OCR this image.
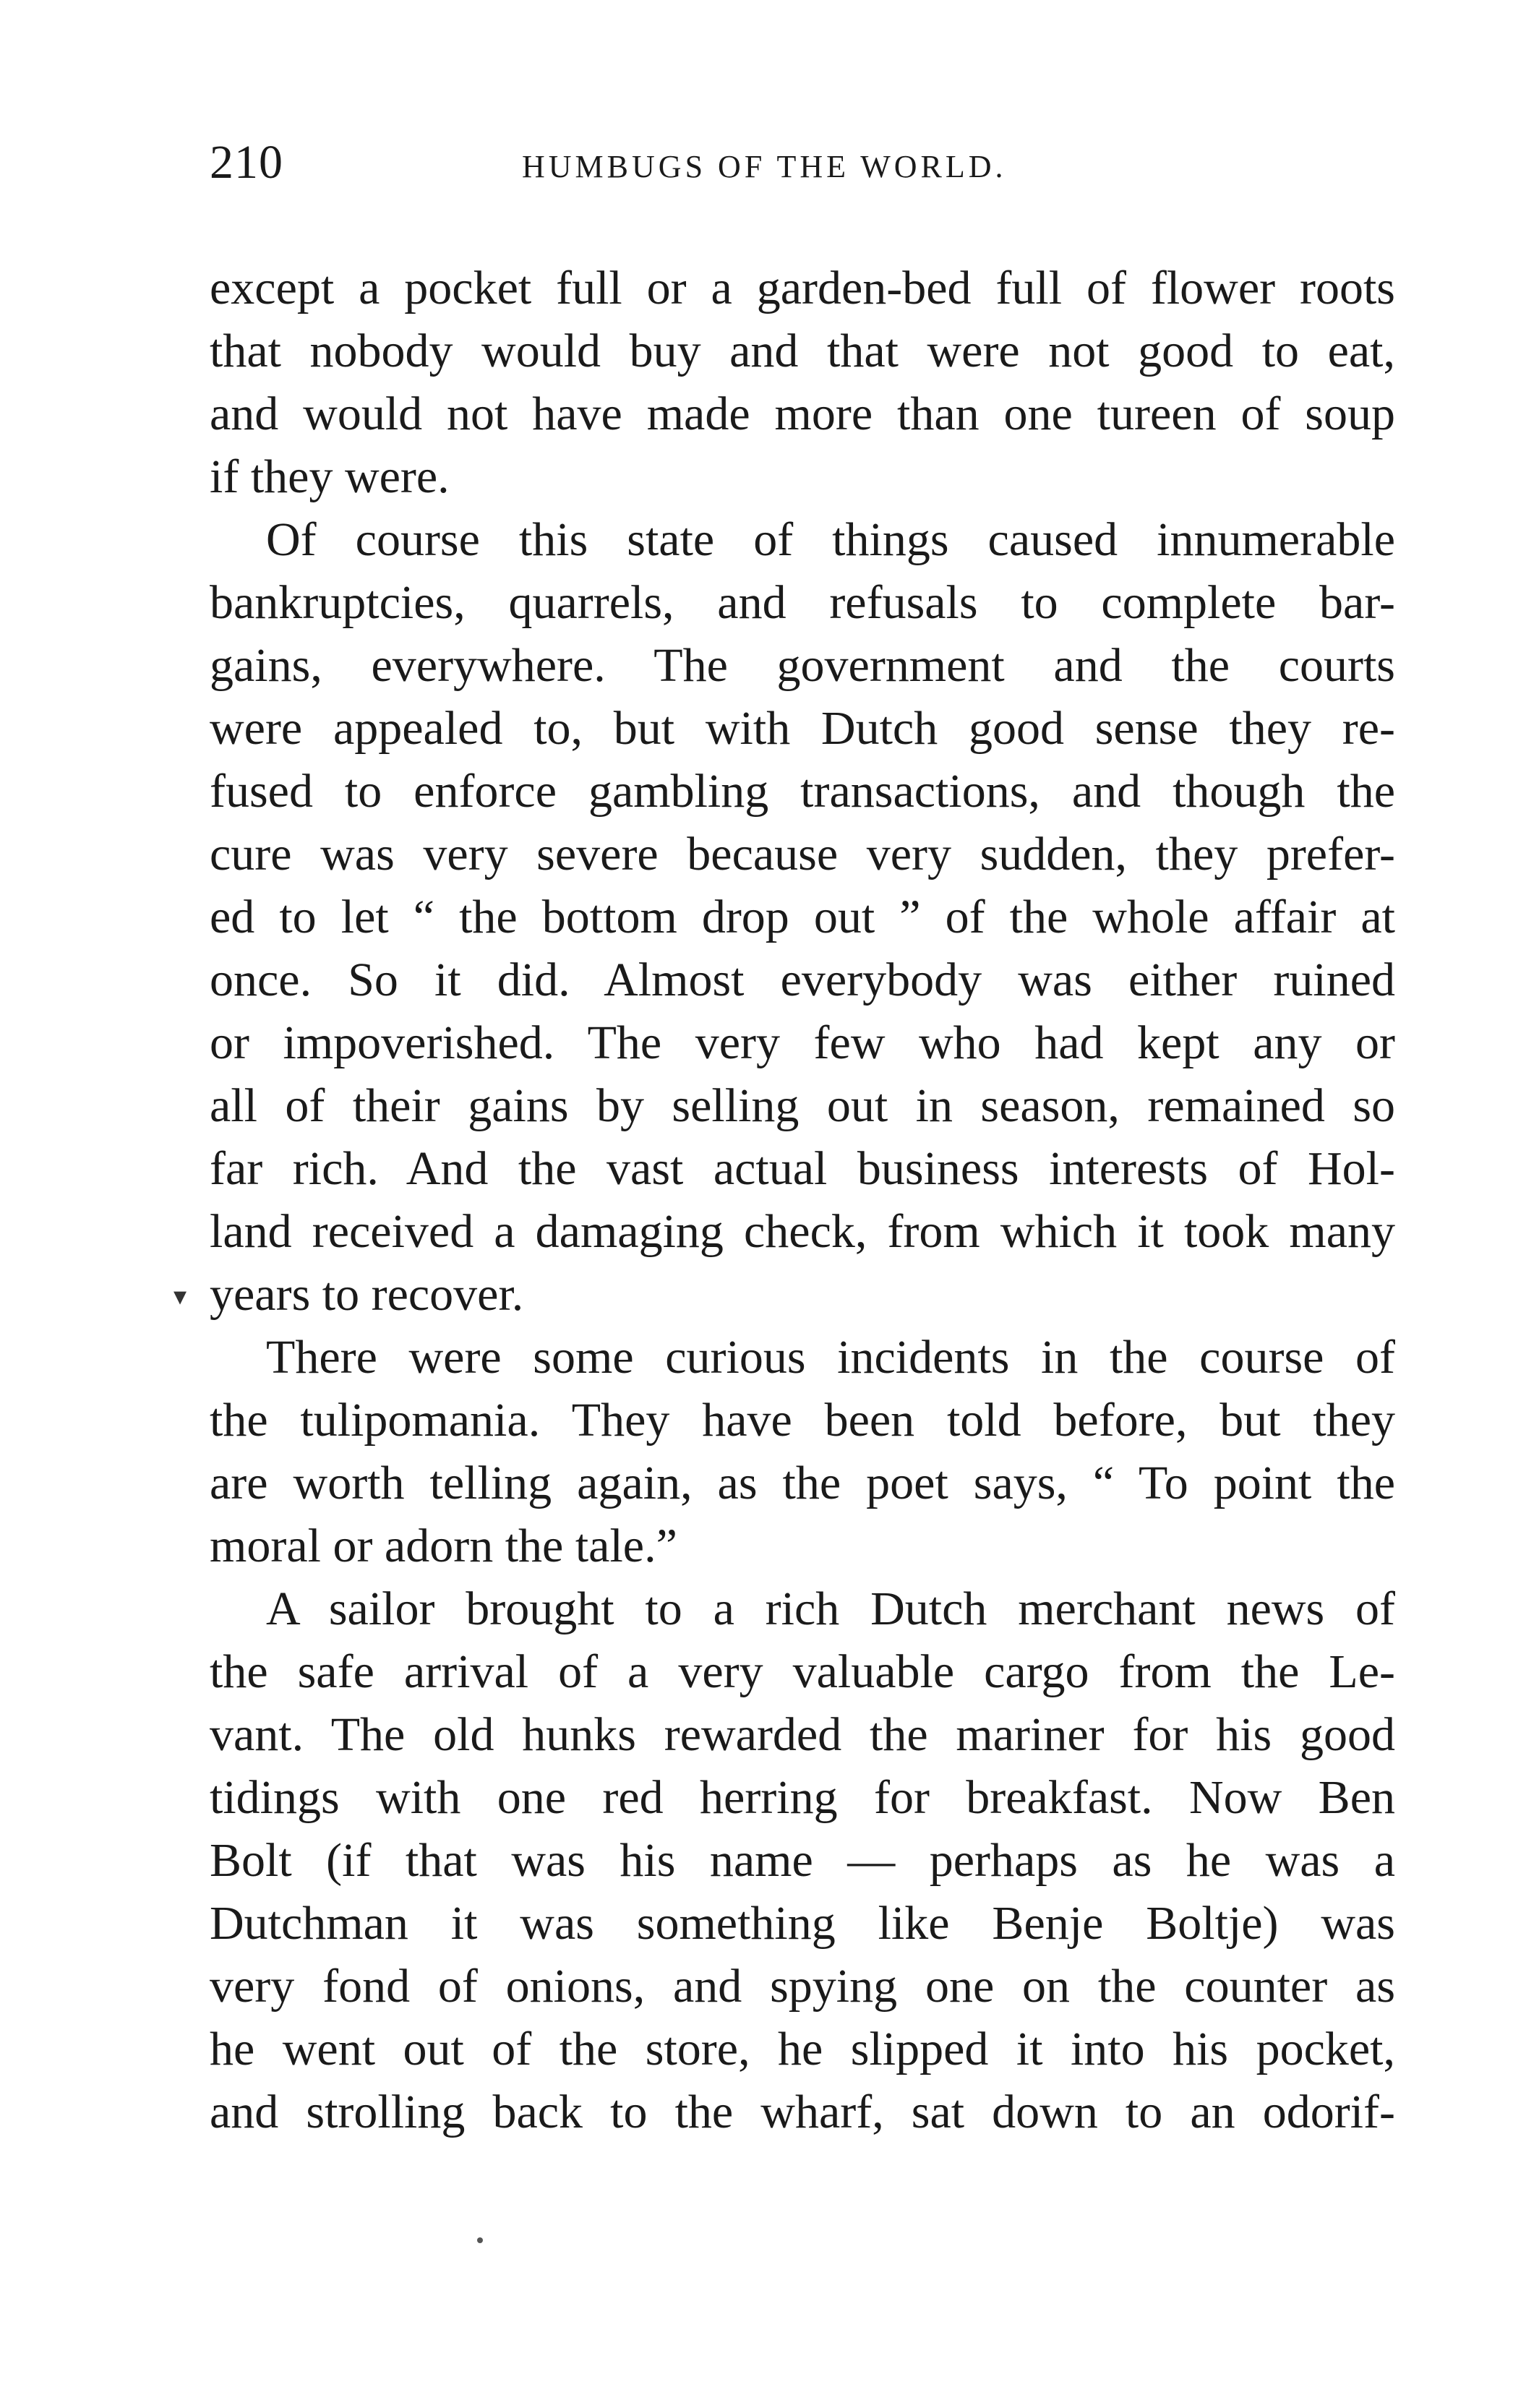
210	HUMBUGS OF THE WORLD.
▾
except a pocket full or a garden-bed full of flower roots
that nobody would buy and that were not good to eat,
and would not have made more than one tureen of soup
if they were.
Of course this state of things caused innumerable
bankruptcies, quarrels, and refusals to complete bar-
gains, everywhere. The government and the courts
were appealed to, but with Dutch good sense they re-
fused to enforce gambling transactions, and though the
cure was very severe because very sudden, they prefer-
ed to let “ the bottom drop out ” of the whole affair at
once. So it did. Almost everybody was either ruined
or impoverished. The very few who had kept any or
all of their gains by selling out in season, remained so
far rich. And the vast actual business interests of Hol-
land received a damaging check, from which it took many
years to recover.
There were some curious incidents in the course of
the tulipomania. They have been told before, but they
are worth telling again, as the poet says, “ To point the
moral or adorn the tale.”
A sailor brought to a rich Dutch merchant news of
the safe arrival of a very valuable cargo from the Le-
vant. The old hunks rewarded the mariner for his good
tidings with one red herring for breakfast. Now Ben
Bolt (if that was his name — perhaps as he was a
Dutchman it was something like Benje Boltje) was
very fond of onions, and spying one on the counter as
he went out of the store, he slipped it into his pocket,
and strolling back to the wharf, sat down to an odorif-
